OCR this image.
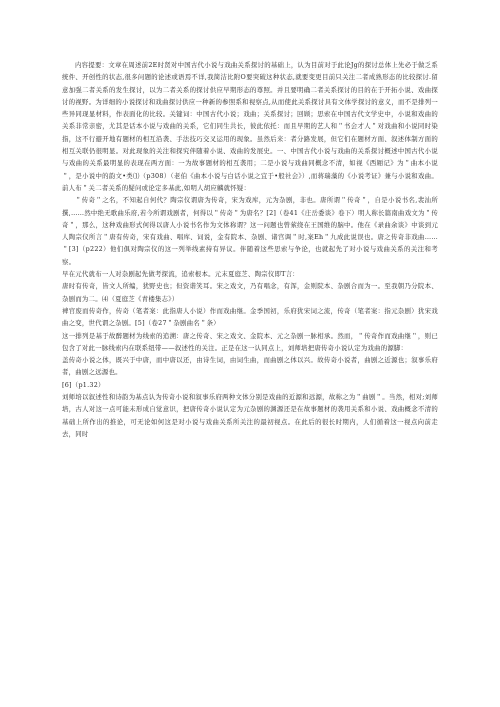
内容提要：文章在周述前2E时贤对中国古代小说与戏曲关系探讨的基础上，认为目前对于此论Jg的探讨总体上先必于做乏系统件、开创性的状态,很多问题的论述或语焉不详,我简洁比附O要突破这种状态,就要变更目前只关注二者成熟形态的比较探讨.留意加强二者关系的发生探讨，以为二者关系的探讨供应早期形态的尊照。并且要明确二者关系探讨的目的在于开拓小说、戏曲探讨的视野。为详细的小说探讨和戏曲探讨供应一种新的参照系和视察点,从而使此关系探讨具有文体学探讨的意义，而不是排列一些异同现显材料，作表面化的比较。关键词：中国古代小说；戏曲；关系探讨；回顾；思索在中国古代文学史中，小说和戏曲的关系非常亲密，尤其是话本小说与戏曲的关系，它们同生共长，彼此依托：而且早期的艺人和＂书会才人＂对戏曲和小说同时染指，这不行避开地有题材的相互沿袭、手法技巧交叉运用的现象。虽然后来：者分路发展，但它们在题材方面、叙述体制方面的相互关联仍很明显。对此现象的关注和探究伴随着小说、戏曲的发展史。一、中国古代小说与戏曲的关系探讨概述中国古代小说与戏曲的关系最明显的表现在两方面：一为故事题材的相互袭用；二是小说与戏曲同概念不清，如视《西厢记》为＂曲本小说＂，是小说中的韵文•类⑴（p308）（老伯《曲本小说与白话小说之宜于•般社会》）,而蒋瑞藻的《小说考证》兼与小说和戏曲。前人布＂关二者关系的疑问或论定多基此,如明人胡应麟就怀疑：

＂传奇＂之名，不知起自何代？陶宗仪谓唐为传奇，宋为戏库，元为杂剧，非也。唐所谓＂传奇＂，自是小说书名,裴汕所撰,……然中绝无歌曲乐府,若今所谓戏剧者，何得以＂传奇＂为唐名？[2]（卷41《庄岳委谈》卷下）明人称长篇南曲戏文为＂传奇＂，那么，这种戏曲形式何得以唐人小说书名作为文体称谓？这一问题也曾萦绕在王国维的脑中。他在《录曲余谈》中谈到元人陶宗仪所言＂唐有传奇，宋有戏曲、唱库、词说，金有院本、杂剧、诸宫调＂时,案Eh＂九成此说误也。唐之传奇非戏曲……＂[3]（p222）他们俱对陶宗仪的这一列举线素持有异议。伴随着这些思索与争论，也就起先了对小说与戏曲关系的关注和考察。

早在元代就布一人对杂剧起先做考探流，追索根本。元末夏庭芝、陶宗仪即T言：

唐时有传奇，皆文人所编，犹野史也；但资谐笑耳。宋之戏文，乃有唱念，有浑，金则院本、杂剧合而为一。至我朝乃分院本、杂剧而为二。⑷（夏庭芝《青楼集志》）

裨官废而传奇作，传奇（笔者案：此指唐人小说）作而戏曲继。金季国初，乐府犹宋词之流，传奇（笔者案：指元杂剧）犹宋戏曲之变，世代谓之杂剧。[5]（卷27＂杂剧曲名＂条）

这一排列是基于故醉题材为线索的追溯：唐之传奇、宋之戏文、金院本、元之杂剧一脉相承。然而，＂传奇作而戏曲继＂，则已包含了对此一脉线索内在联系纽带——叙述性的关注。正是在这一认同点上，刘师培把唐传奇小说认定为戏曲的源脚：

盖传奇小说之体，既兴于中唐，而中唐以还，由诗生词，由词生曲，而曲剧之体以兴。故传奇小说者，曲剧之近源也；叙事乐府者，曲剧之远源也。

[6]（p1.32）

刘师培以叙述性和诗韵为基点认为传奇小说和叙事乐府两种文体分别是戏曲的近源和远源，故称之为＂曲剧＂。当然，相对;刘师培，古人对这一点可能未形成自觉意识，把唐传奇小说认定为元杂剧的渊源还是在故事题材的袭用关系和小说、戏曲概念不清的基础上所作出的推论，可无论如何这是对小说与戏曲关系所关注的最初视点。在此后的很长时期内，人们循着这一视点向前走去，同时
